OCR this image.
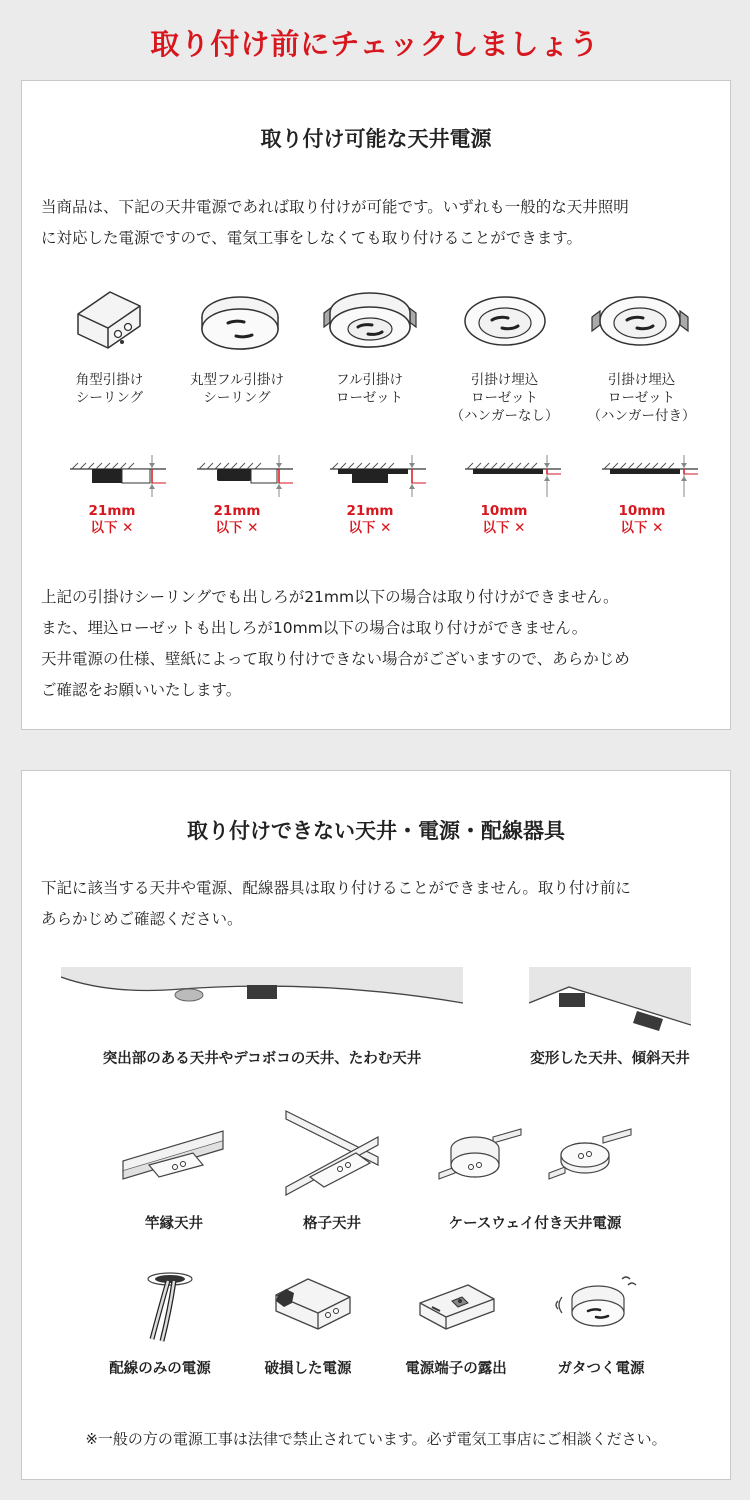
取り付け前にチェックしましょう
取り付け可能な天井電源

当商品は、下記の天井電源であれば取り付けが可能です。いずれも一般的な天井照明

に対応した電源ですので、電気工事をしなくても取り付けることができます。

角型引掛け

シーリング

丸型フル引掛け

シーリング

フル引掛け

ローゼット

引掛け埋込

ローゼット

（ハンガーなし）

引掛け埋込

ローゼット

（ハンガー付き）

21mm

以下 ✕

21mm

以下 ✕

21mm

以下 ✕

10mm

以下 ✕

10mm

以下 ✕

上記の引掛けシーリングでも出しろが21mm以下の場合は取り付けができません。

また、埋込ローゼットも出しろが10mm以下の場合は取り付けができません。

天井電源の仕様、壁紙によって取り付けできない場合がございますので、あらかじめ

ご確認をお願いいたします。

取り付けできない天井・電源・配線器具

下記に該当する天井や電源、配線器具は取り付けることができません。取り付け前に

あらかじめご確認ください。

突出部のある天井やデコボコの天井、たわむ天井	変形した天井、傾斜天井
竿縁天井	格子天井	ケースウェイ付き天井電源
配線のみの電源	破損した電源	電源端子の露出	ガタつく電源
※一般の方の電源工事は法律で禁止されています。必ず電気工事店にご相談ください。
